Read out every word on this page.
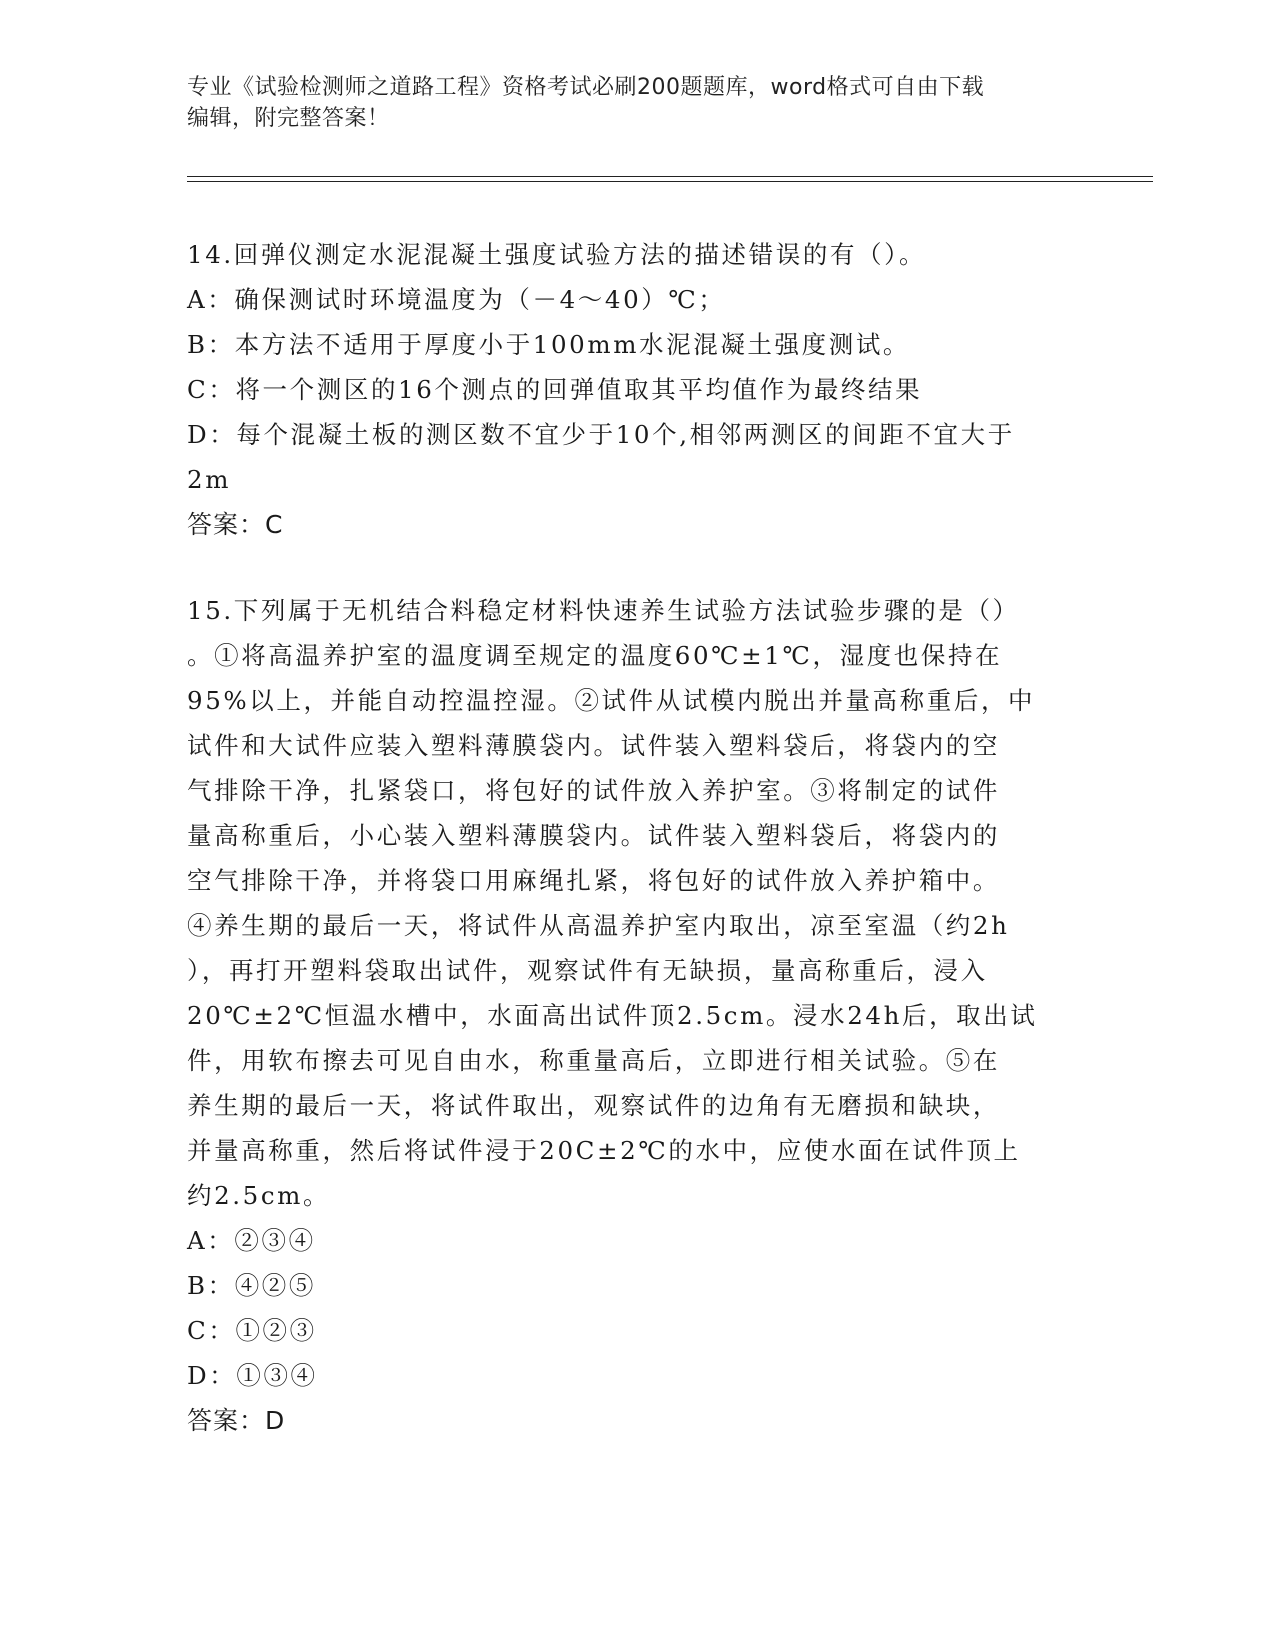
专业《试验检测师之道路工程》资格考试必刷200题题库，word格式可自由下载
编辑，附完整答案！
14.回弹仪测定水泥混凝土强度试验方法的描述错误的有（）。
A：确保测试时环境温度为（－4～40）℃；
B：本方法不适用于厚度小于100mm水泥混凝土强度测试。
C：将一个测区的16个测点的回弹值取其平均值作为最终结果
D：每个混凝土板的测区数不宜少于10个,相邻两测区的间距不宜大于
2m
答案：C
15.下列属于无机结合料稳定材料快速养生试验方法试验步骤的是（）
。①将高温养护室的温度调至规定的温度60℃±1℃，湿度也保持在
95%以上，并能自动控温控湿。②试件从试模内脱出并量高称重后，中
试件和大试件应装入塑料薄膜袋内。试件装入塑料袋后，将袋内的空
气排除干净，扎紧袋口，将包好的试件放入养护室。③将制定的试件
量高称重后，小心装入塑料薄膜袋内。试件装入塑料袋后，将袋内的
空气排除干净，并将袋口用麻绳扎紧，将包好的试件放入养护箱中。
④养生期的最后一天，将试件从高温养护室内取出，凉至室温（约2h
），再打开塑料袋取出试件，观察试件有无缺损，量高称重后，浸入
20℃±2℃恒温水槽中，水面高出试件顶2.5cm。浸水24h后，取出试
件，用软布擦去可见自由水，称重量高后，立即进行相关试验。⑤在
养生期的最后一天，将试件取出，观察试件的边角有无磨损和缺块，
并量高称重，然后将试件浸于20C±2℃的水中，应使水面在试件顶上
约2.5cm。
A：②③④
B：④②⑤
C：①②③
D：①③④
答案：D
